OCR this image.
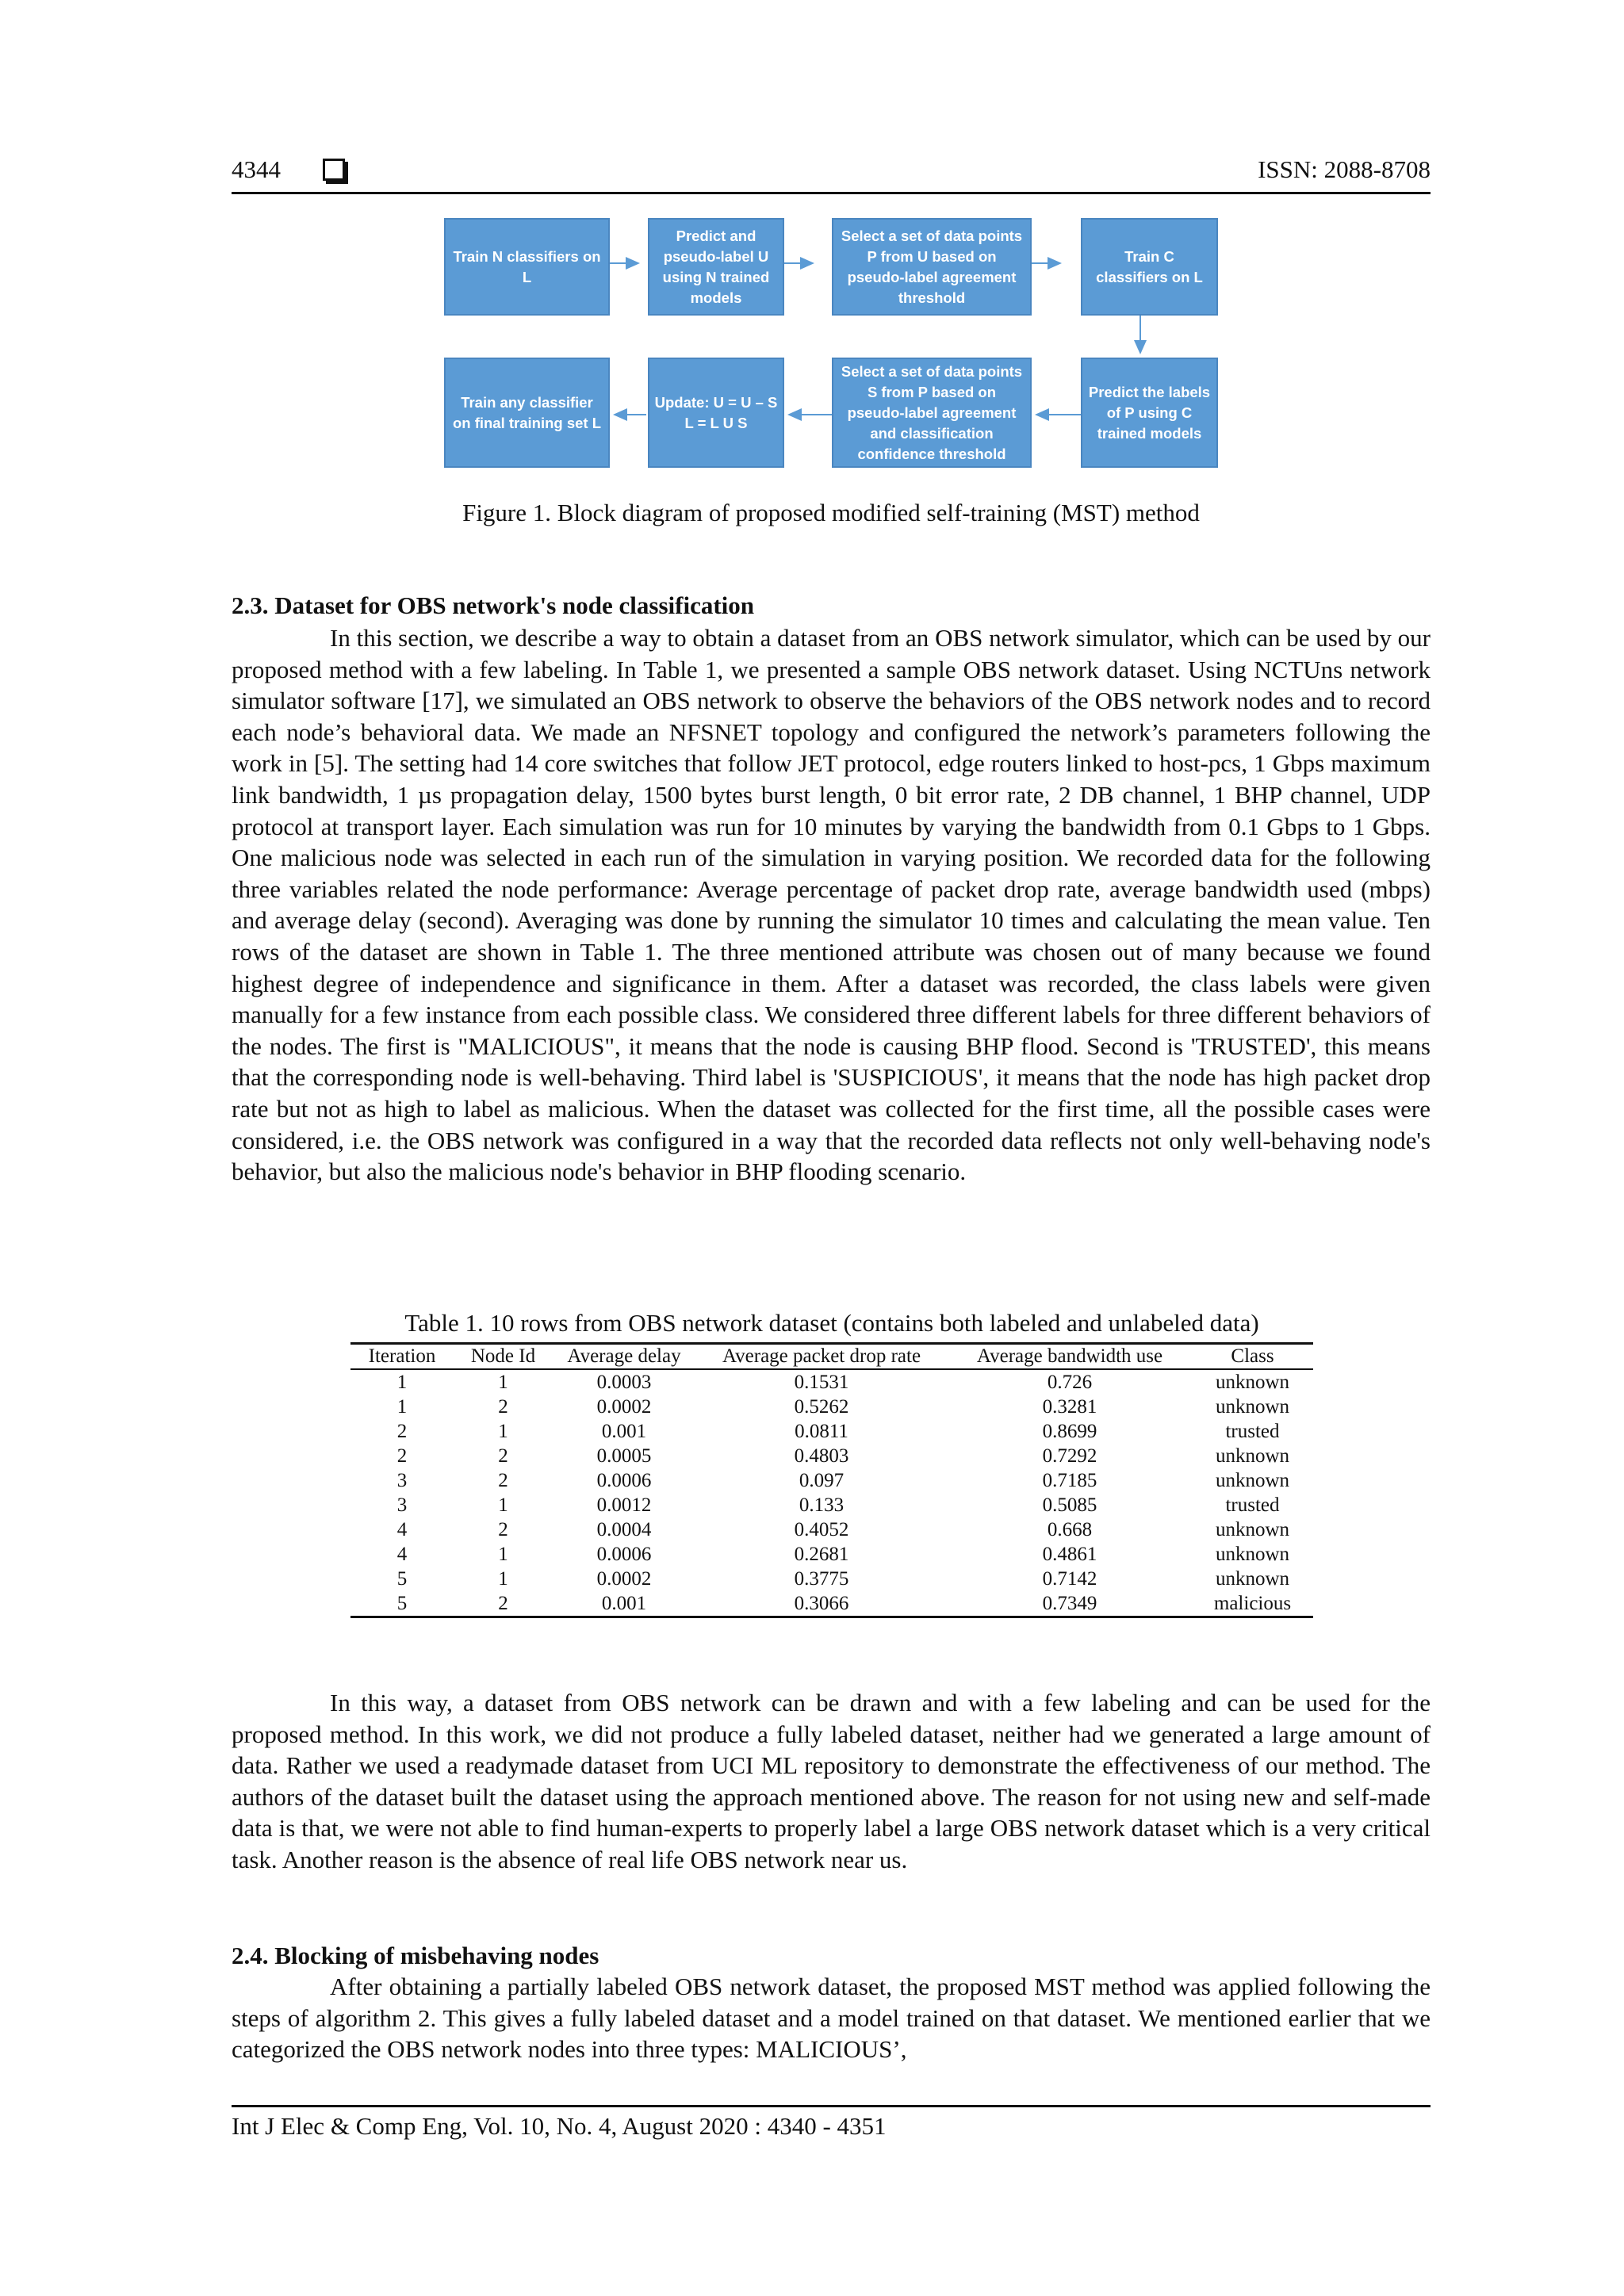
4344	ISSN: 2088-8708
Train N classifiers on L
Predict and pseudo-label U using N trained models
Select a set of data points P from U based on pseudo-label agreement threshold
Train C classifiers on L
Predict the labels of P using C trained models
Select a set of data points S from P based on pseudo-label agreement and classification confidence threshold
Update: U = U – S L = L U S
Train any classifier on final training set L
Figure 1. Block diagram of proposed modified self-training (MST) method
2.3. Dataset for OBS network's node classification

In this section, we describe a way to obtain a dataset from an OBS network simulator, which can be used by our proposed method with a few labeling. In Table 1, we presented a sample OBS network dataset. Using NCTUns network simulator software [17], we simulated an OBS network to observe the behaviors of the OBS network nodes and to record each node’s behavioral data. We made an NFSNET topology and configured the network’s parameters following the work in [5]. The setting had 14 core switches that follow JET protocol, edge routers linked to host-pcs, 1 Gbps maximum link bandwidth, 1 µs propagation delay, 1500 bytes burst length, 0 bit error rate, 2 DB channel, 1 BHP channel, UDP protocol at transport layer. Each simulation was run for 10 minutes by varying the bandwidth from 0.1 Gbps to 1 Gbps. One malicious node was selected in each run of the simulation in varying position. We recorded data for the following three variables related the node performance: Average percentage of packet drop rate, average bandwidth used (mbps) and average delay (second). Averaging was done by running the simulator 10 times and calculating the mean value. Ten rows of the dataset are shown in Table 1. The three mentioned attribute was chosen out of many because we found highest degree of independence and significance in them. After a dataset was recorded, the class labels were given manually for a few instance from each possible class. We considered three different labels for three different behaviors of the nodes. The first is "MALICIOUS", it means that the node is causing BHP flood. Second is 'TRUSTED', this means that the corresponding node is well-behaving. Third label is 'SUSPICIOUS', it means that the node has high packet drop rate but not as high to label as malicious. When the dataset was collected for the first time, all the possible cases were considered, i.e. the OBS network was configured in a way that the recorded data reflects not only well-behaving node's behavior, but also the malicious node's behavior in BHP flooding scenario.

Table 1. 10 rows from OBS network dataset (contains both labeled and unlabeled data)
Iteration	Node Id	Average delay	Average packet drop rate	Average bandwidth use	Class
1	1	0.0003	0.1531	0.726	unknown
1	2	0.0002	0.5262	0.3281	unknown
2	1	0.001	0.0811	0.8699	trusted
2	2	0.0005	0.4803	0.7292	unknown
3	2	0.0006	0.097	0.7185	unknown
3	1	0.0012	0.133	0.5085	trusted
4	2	0.0004	0.4052	0.668	unknown
4	1	0.0006	0.2681	0.4861	unknown
5	1	0.0002	0.3775	0.7142	unknown
5	2	0.001	0.3066	0.7349	malicious

In this way, a dataset from OBS network can be drawn and with a few labeling and can be used for the proposed method. In this work, we did not produce a fully labeled dataset, neither had we generated a large amount of data. Rather we used a readymade dataset from UCI ML repository to demonstrate the effectiveness of our method. The authors of the dataset built the dataset using the approach mentioned above. The reason for not using new and self-made data is that, we were not able to find human-experts to properly label a large OBS network dataset which is a very critical task. Another reason is the absence of real life OBS network near us.

2.4. Blocking of misbehaving nodes

After obtaining a partially labeled OBS network dataset, the proposed MST method was applied following the steps of algorithm 2. This gives a fully labeled dataset and a model trained on that dataset. We mentioned earlier that we categorized the OBS network nodes into three types: MALICIOUS’,

Int J Elec & Comp Eng, Vol. 10, No. 4, August 2020 : 4340 - 4351
